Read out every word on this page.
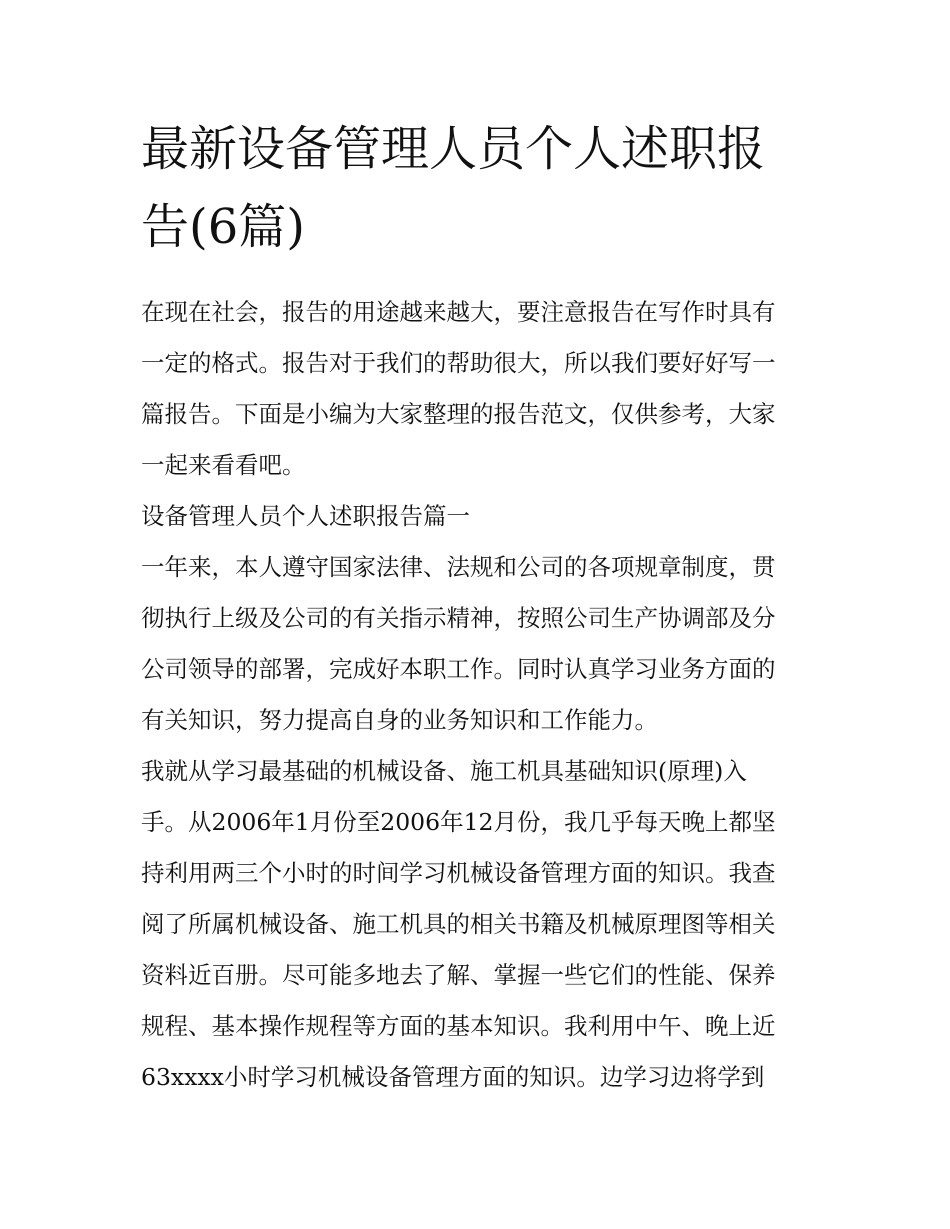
最新设备管理人员个人述职报
告(6篇)

在现在社会，报告的用途越来越大，要注意报告在写作时具有
一定的格式。报告对于我们的帮助很大，所以我们要好好写一
篇报告。下面是小编为大家整理的报告范文，仅供参考，大家
一起来看看吧。

设备管理人员个人述职报告篇一

一年来，本人遵守国家法律、法规和公司的各项规章制度，贯
彻执行上级及公司的有关指示精神，按照公司生产协调部及分
公司领导的部署，完成好本职工作。同时认真学习业务方面的
有关知识，努力提高自身的业务知识和工作能力。

我就从学习最基础的机械设备、施工机具基础知识(原理)入
手。从2006年1月份至2006年12月份，我几乎每天晚上都坚
持利用两三个小时的时间学习机械设备管理方面的知识。我查
阅了所属机械设备、施工机具的相关书籍及机械原理图等相关
资料近百册。尽可能多地去了解、掌握一些它们的性能、保养
规程、基本操作规程等方面的基本知识。我利用中午、晚上近
63xxxx小时学习机械设备管理方面的知识。边学习边将学到
